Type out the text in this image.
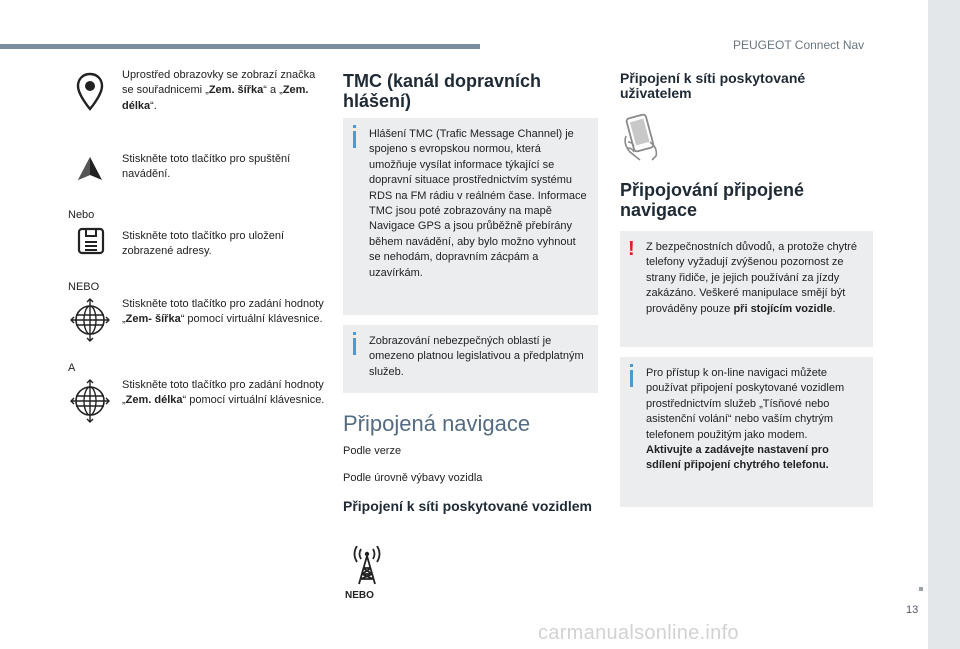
PEUGEOT Connect Nav
13
carmanualsonline.info
Uprostřed obrazovky se zobrazí značka se souřadnicemi „Zem. šířka“ a „Zem. délka“.
Stiskněte toto tlačítko pro spuštění navádění.
Nebo
Stiskněte toto tlačítko pro uložení zobrazené adresy.
NEBO
Stiskněte toto tlačítko pro zadání hodnoty „Zem- šířka“ pomocí virtuální klávesnice.
A
Stiskněte toto tlačítko pro zadání hodnoty „Zem. délka“ pomocí virtuální klávesnice.
TMC (kanál dopravních hlášení)
Hlášení TMC (Trafic Message Channel) je spojeno s evropskou normou, která umožňuje vysílat informace týkající se dopravní situace prostřednictvím systému RDS na FM rádiu v reálném čase. Informace TMC jsou poté zobrazovány na mapě Navigace GPS a jsou průběžně přebírány během navádění, aby bylo možno vyhnout se nehodám, dopravním zácpám a uzavírkám.
Zobrazování nebezpečných oblastí je omezeno platnou legislativou a předplatným služeb.
Připojená navigace
Podle verze
Podle úrovně výbavy vozidla
Připojení k síti poskytované vozidlem
NEBO
Připojení k síti poskytované uživatelem
Připojování připojené navigace
! Z bezpečnostních důvodů, a protože chytré telefony vyžadují zvýšenou pozornost ze strany řidiče, je jejich používání za jízdy zakázáno. Veškeré manipulace smějí být prováděny pouze při stojícím vozidle.
Pro přístup k on-line navigaci můžete používat připojení poskytované vozidlem prostřednictvím služeb „Tísňové nebo asistenční volání“ nebo vaším chytrým telefonem použitým jako modem.
Aktivujte a zadávejte nastavení pro sdílení připojení chytrého telefonu.
